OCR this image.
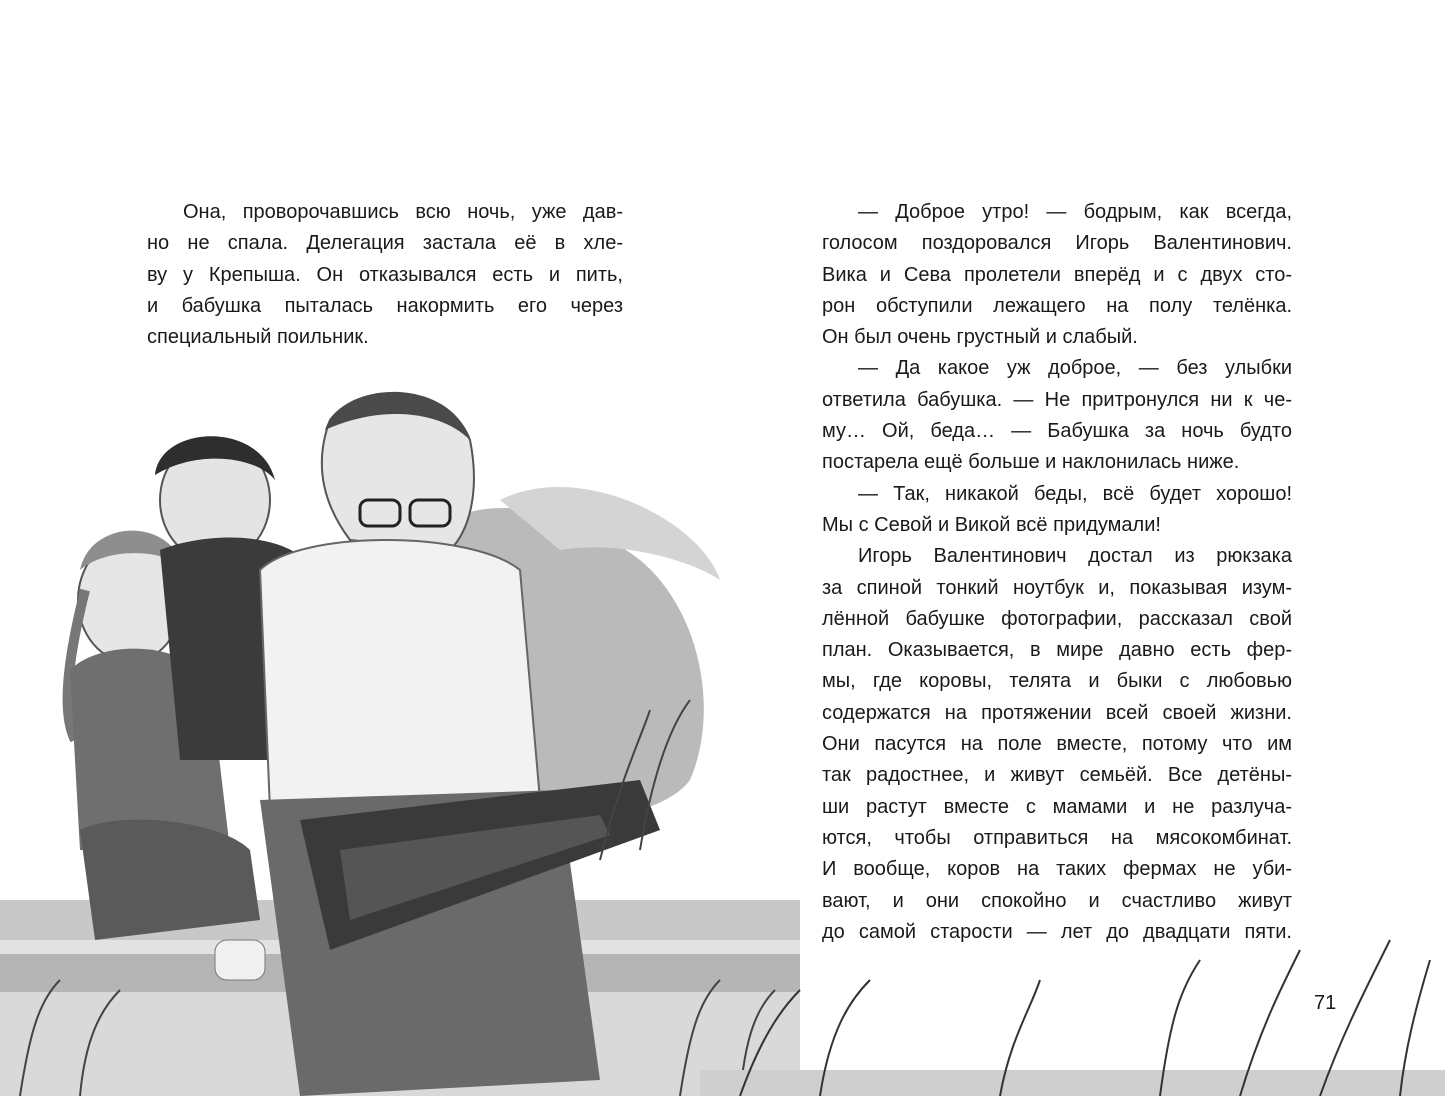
Она, проворочавшись всю ночь, уже дав-
но не спала. Делегация застала её в хле-
ву у Крепыша. Он отказывался есть и пить,
и бабушка пыталась накормить его через
специальный поильник.
— Доброе утро! — бодрым, как всегда,
голосом поздоровался Игорь Валентинович.
Вика и Сева пролетели вперёд и с двух сто-
рон обступили лежащего на полу телёнка.
Он был очень грустный и слабый.
— Да какое уж доброе, — без улыбки
ответила бабушка. — Не притронулся ни к че-
му… Ой, беда… — Бабушка за ночь будто
постарела ещё больше и наклонилась ниже.
— Так, никакой беды, всё будет хорошо!
Мы с Севой и Викой всё придумали!
Игорь Валентинович достал из рюкзака
за спиной тонкий ноутбук и, показывая изум-
лённой бабушке фотографии, рассказал свой
план. Оказывается, в мире давно есть фер-
мы, где коровы, телята и быки с любовью
содержатся на протяжении всей своей жизни.
Они пасутся на поле вместе, потому что им
так радостнее, и живут семьёй. Все детёны-
ши растут вместе с мамами и не разлуча-
ются, чтобы отправиться на мясокомбинат.
И вообще, коров на таких фермах не уби-
вают, и они спокойно и счастливо живут
до самой старости — лет до двадцати пяти.
71
